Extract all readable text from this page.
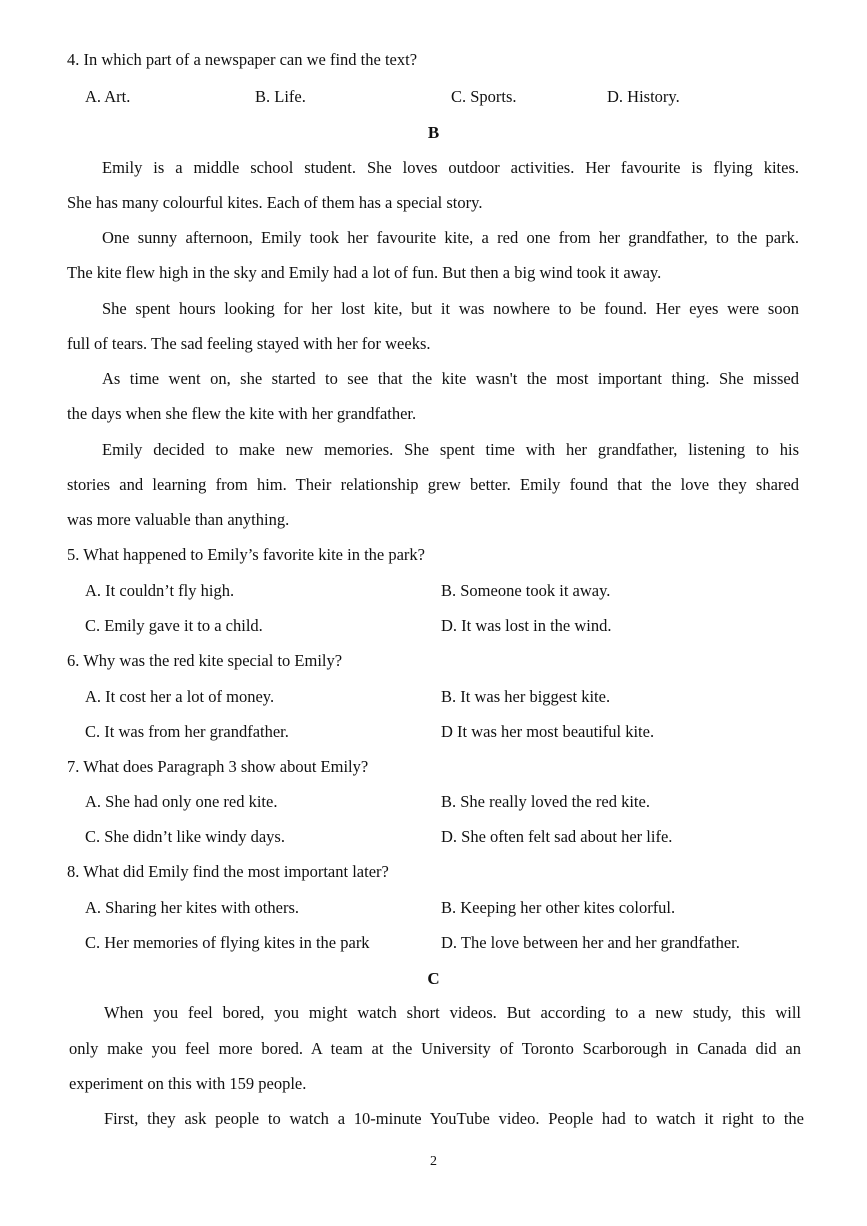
4. In which part of a newspaper can we find the text?
A. Art.	B. Life.	C. Sports.	D. History.
B
Emily is a middle school student. She loves outdoor activities. Her favourite is flying kites.
She has many colourful kites. Each of them has a special story.
One sunny afternoon, Emily took her favourite kite, a red one from her grandfather, to the park.
The kite flew high in the sky and Emily had a lot of fun. But then a big wind took it away.
She spent hours looking for her lost kite, but it was nowhere to be found. Her eyes were soon
full of tears. The sad feeling stayed with her for weeks.
As time went on, she started to see that the kite wasn't the most important thing. She missed
the days when she flew the kite with her grandfather.
Emily decided to make new memories. She spent time with her grandfather, listening to his
stories and learning from him. Their relationship grew better. Emily found that the love they shared
was more valuable than anything.
5. What happened to Emily’s favorite kite in the park?
A. It couldn’t fly high.	B. Someone took it away.
C. Emily gave it to a child.	D. It was lost in the wind.
6. Why was the red kite special to Emily?
A. It cost her a lot of money.	B. It was her biggest kite.
C. It was from her grandfather.	D It was her most beautiful kite.
7. What does Paragraph 3 show about Emily?
A. She had only one red kite.	B. She really loved the red kite.
C. She didn’t like windy days.	D. She often felt sad about her life.
8. What did Emily find the most important later?
A. Sharing her kites with others.	B. Keeping her other kites colorful.
C. Her memories of flying kites in the park	D. The love between her and her grandfather.
C
When you feel bored, you might watch short videos. But according to a new study, this will
only make you feel more bored. A team at the University of Toronto Scarborough in Canada did an
experiment on this with 159 people.
First, they ask people to watch a 10-minute YouTube video. People had to watch it right to the
2
